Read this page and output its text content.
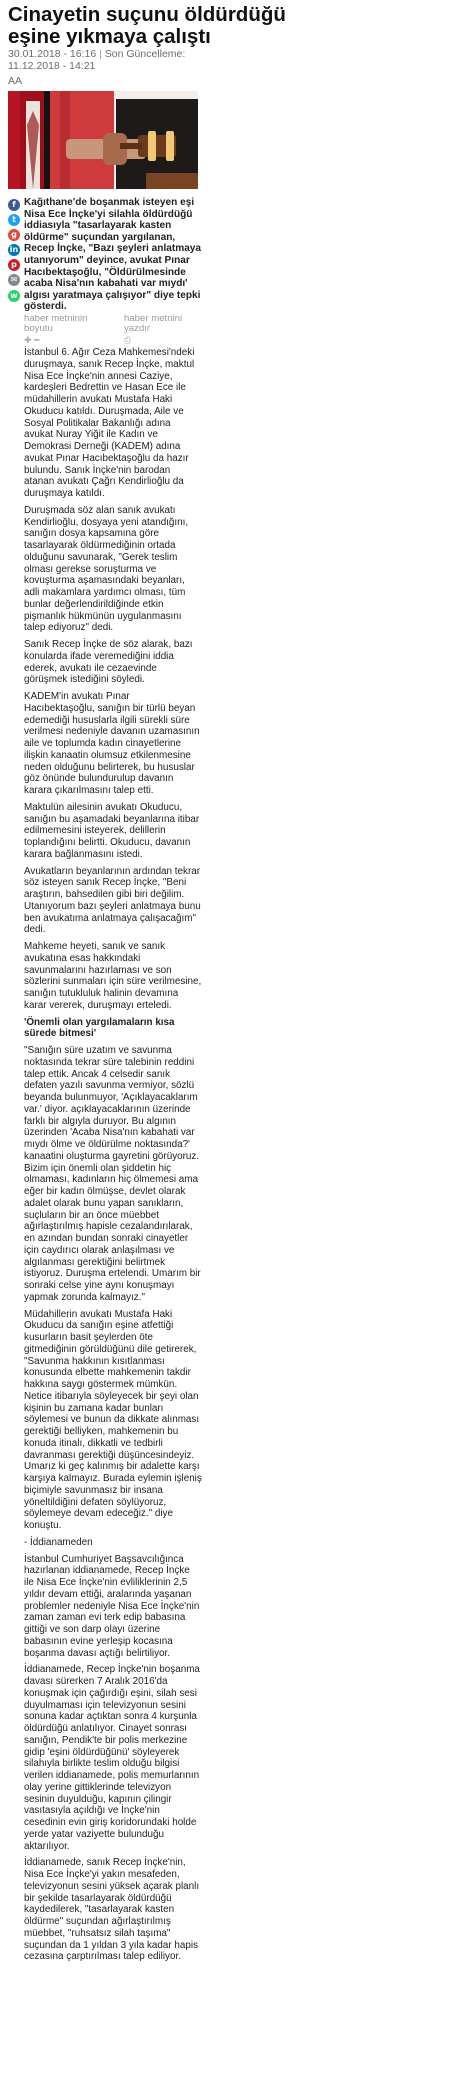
Cinayetin suçunu öldürdüğü eşine yıkmaya çalıştı
30.01.2018 - 16:16 | Son Güncelleme: 11.12.2018 - 14:21
AA
f
t
g
in
p
✉
w

Kağıthane'de boşanmak isteyen eşi Nisa Ece İnçke'yi silahla öldürdüğü iddiasıyla "tasarlayarak kasten öldürme" suçundan yargılanan, Recep İnçke, "Bazı şeyleri anlatmaya utanıyorum" deyince, avukat Pınar Hacıbektaşoğlu, "Öldürülmesinde acaba Nisa'nın kabahati var mıydı' algısı yaratmaya çalışıyor" diye tepki gösterdi.

haber metninin boyutu
✚ ━
haber metnini yazdır
⎙

İstanbul 6. Ağır Ceza Mahkemesi'ndeki duruşmaya, sanık Recep İnçke, maktul Nisa Ece İnçke'nin annesi Caziye, kardeşleri Bedrettin ve Hasan Ece ile müdahillerin avukatı Mustafa Haki Okuducu katıldı. Duruşmada, Aile ve Sosyal Politikalar Bakanlığı adına avukat Nuray Yiğit ile Kadın ve Demokrasi Derneği (KADEM) adına avukat Pınar Hacıbektaşoğlu da hazır bulundu. Sanık İnçke'nin barodan atanan avukatı Çağrı Kendirlioğlu da duruşmaya katıldı.

Duruşmada söz alan sanık avukatı Kendirlioğlu, dosyaya yeni atandığını, sanığın dosya kapsamına göre tasarlayarak öldürmediğinin ortada olduğunu savunarak, "Gerek teslim olması gerekse soruşturma ve kovuşturma aşamasındaki beyanları, adli makamlara yardımcı olması, tüm bunlar değerlendirildiğinde etkin pişmanlık hükmünün uygulanmasını talep ediyoruz" dedi.

Sanık Recep İnçke de söz alarak, bazı konularda ifade veremediğini iddia ederek, avukatı ile cezaevinde görüşmek istediğini söyledi.

KADEM'in avukatı Pınar Hacıbektaşoğlu, sanığın bir türlü beyan edemediği hususlarla ilgili sürekli süre verilmesi nedeniyle davanın uzamasının aile ve toplumda kadın cinayetlerine ilişkin kanaatin olumsuz etkilenmesine neden olduğunu belirterek, bu hususlar göz önünde bulundurulup davanın karara çıkarılmasını talep etti.

Maktulün ailesinin avukatı Okuducu, sanığın bu aşamadaki beyanlarına itibar edilmemesini isteyerek, delillerin toplandığını belirtti. Okuducu, davanın karara bağlanmasını istedi.

Avukatların beyanlarının ardından tekrar söz isteyen sanık Recep İnçke, "Beni araştırın, bahsedilen gibi biri değilim. Utanıyorum bazı şeyleri anlatmaya bunu ben avukatıma anlatmaya çalışacağım" dedi.

Mahkeme heyeti, sanık ve sanık avukatına esas hakkındaki savunmalarını hazırlaması ve son sözlerini sunmaları için süre verilmesine, sanığın tutukluluk halinin devamına karar vererek, duruşmayı erteledi.

'Önemli olan yargılamaların kısa sürede bitmesi'

"Sanığın süre uzatım ve savunma noktasında tekrar süre talebinin reddini talep ettik. Ancak 4 celsedir sanık defaten yazılı savunma vermiyor, sözlü beyanda bulunmuyor, 'Açıklayacaklarım var.' diyor. açıklayacaklarının üzerinde farklı bir algıyla duruyor. Bu algının üzerinden 'Acaba Nisa'nın kabahati var mıydı ölme ve öldürülme noktasında?' kanaatini oluşturma gayretini görüyoruz. Bizim için önemli olan şiddetin hiç olmaması, kadınların hiç ölmemesi ama eğer bir kadın ölmüşse, devlet olarak adalet olarak bunu yapan sanıkların, suçluların bir an önce müebbet ağırlaştırılmış hapisle cezalandırılarak, en azından bundan sonraki cinayetler için caydırıcı olarak anlaşılması ve algılanması gerektiğini belirtmek istiyoruz. Duruşma ertelendi. Umarım bir sonraki celse yine aynı konuşmayı yapmak zorunda kalmayız."

Müdahillerin avukatı Mustafa Haki Okuducu da sanığın eşine atfettiği kusurların basit şeylerden öte gitmediğinin görüldüğünü dile getirerek, "Savunma hakkının kısıtlanması konusunda elbette mahkemenin takdir hakkına saygı göstermek mümkün. Netice itibarıyla söyleyecek bir şeyi olan kişinin bu zamana kadar bunları söylemesi ve bunun da dikkate alınması gerektiği belliyken, mahkemenin bu konuda itinalı, dikkatli ve tedbirli davranması gerektiği düşüncesindeyiz. Umarız ki geç kalınmış bir adalette karşı karşıya kalmayız. Burada eylemin işleniş biçimiyle savunmasız bir insana yöneltildiğini defaten söylüyoruz, söylemeye devam edeceğiz." diye konuştu.

- İddianameden

İstanbul Cumhuriyet Başsavcılığınca hazırlanan iddianamede, Recep İnçke ile Nisa Ece İnçke'nin evliliklerinin 2,5 yıldır devam ettiği, aralarında yaşanan problemler nedeniyle Nisa Ece İnçke'nin zaman zaman evi terk edip babasına gittiği ve son darp olayı üzerine babasının evine yerleşip kocasına boşanma davası açtığı belirtiliyor.

İddianamede, Recep İnçke'nin boşanma davası sürerken 7 Aralık 2016'da konuşmak için çağırdığı eşini, silah sesi duyulmaması için televizyonun sesini sonuna kadar açtıktan sonra 4 kurşunla öldürdüğü anlatılıyor. Cinayet sonrası sanığın, Pendik'te bir polis merkezine gidip 'eşini öldürdüğünü' söyleyerek silahıyla birlikte teslim olduğu bilgisi verilen iddianamede, polis memurlarının olay yerine gittiklerinde televizyon sesinin duyulduğu, kapının çilingir vasıtasıyla açıldığı ve İnçke'nin cesedinin evin giriş koridorundaki holde yerde yatar vaziyette bulunduğu aktarılıyor.

İddianamede, sanık Recep İnçke'nin, Nisa Ece İnçke'yi yakın mesafeden, televizyonun sesini yüksek açarak planlı bir şekilde tasarlayarak öldürdüğü kaydedilerek, "tasarlayarak kasten öldürme" suçundan ağırlaştırılmış müebbet, "ruhsatsız silah taşıma" suçundan da 1 yıldan 3 yıla kadar hapis cezasına çarptırılması talep ediliyor.
